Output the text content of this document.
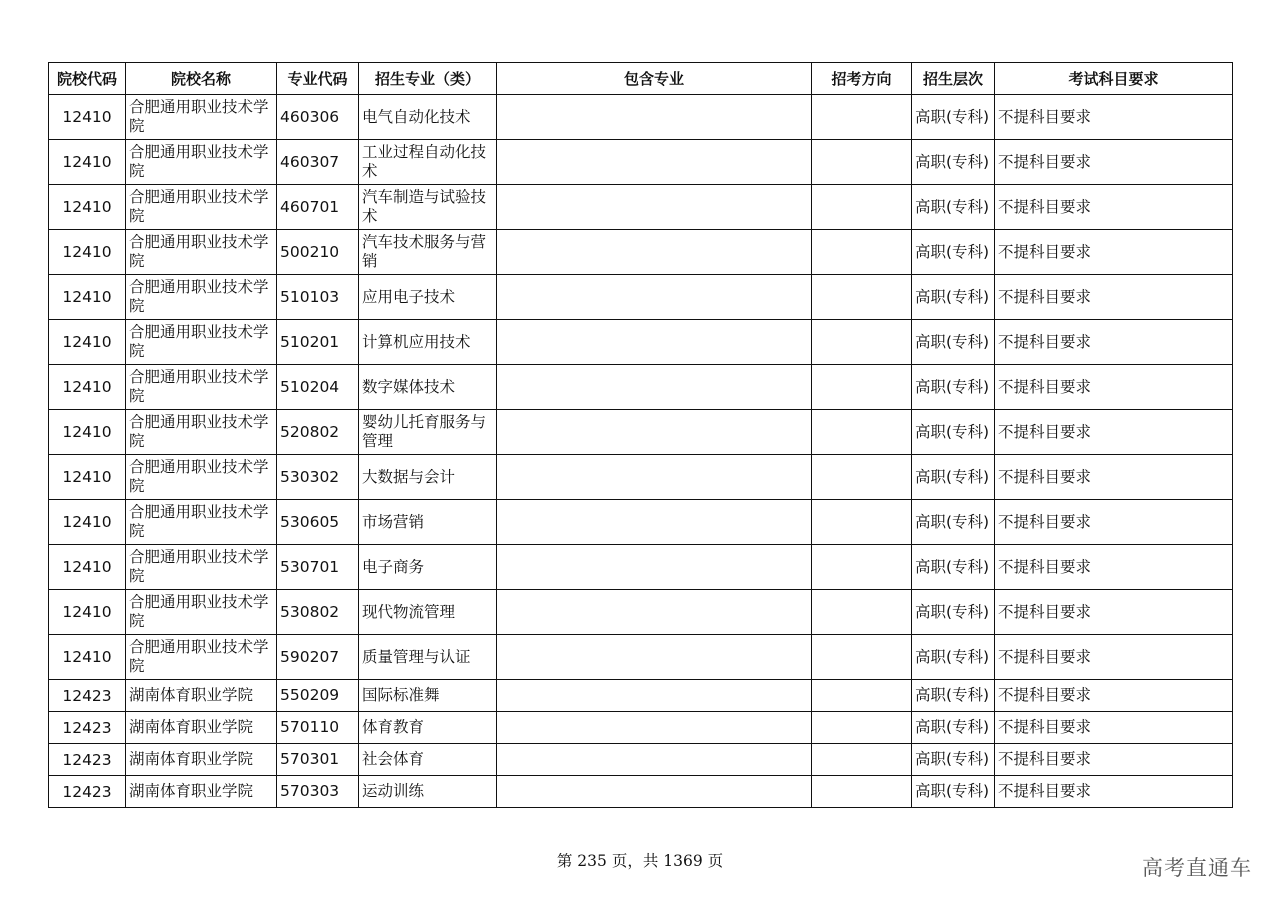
院校代码	院校名称	专业代码	招生专业（类）	包含专业	招考方向	招生层次	考试科目要求
12410	合肥通用职业技术学院	460306	电气自动化技术			高职(专科)	不提科目要求
12410	合肥通用职业技术学院	460307	工业过程自动化技术			高职(专科)	不提科目要求
12410	合肥通用职业技术学院	460701	汽车制造与试验技术			高职(专科)	不提科目要求
12410	合肥通用职业技术学院	500210	汽车技术服务与营销			高职(专科)	不提科目要求
12410	合肥通用职业技术学院	510103	应用电子技术			高职(专科)	不提科目要求
12410	合肥通用职业技术学院	510201	计算机应用技术			高职(专科)	不提科目要求
12410	合肥通用职业技术学院	510204	数字媒体技术			高职(专科)	不提科目要求
12410	合肥通用职业技术学院	520802	婴幼儿托育服务与管理			高职(专科)	不提科目要求
12410	合肥通用职业技术学院	530302	大数据与会计			高职(专科)	不提科目要求
12410	合肥通用职业技术学院	530605	市场营销			高职(专科)	不提科目要求
12410	合肥通用职业技术学院	530701	电子商务			高职(专科)	不提科目要求
12410	合肥通用职业技术学院	530802	现代物流管理			高职(专科)	不提科目要求
12410	合肥通用职业技术学院	590207	质量管理与认证			高职(专科)	不提科目要求
12423	湖南体育职业学院	550209	国际标准舞			高职(专科)	不提科目要求
12423	湖南体育职业学院	570110	体育教育			高职(专科)	不提科目要求
12423	湖南体育职业学院	570301	社会体育			高职(专科)	不提科目要求
12423	湖南体育职业学院	570303	运动训练			高职(专科)	不提科目要求
第 235 页，共 1369 页	高考直通车
